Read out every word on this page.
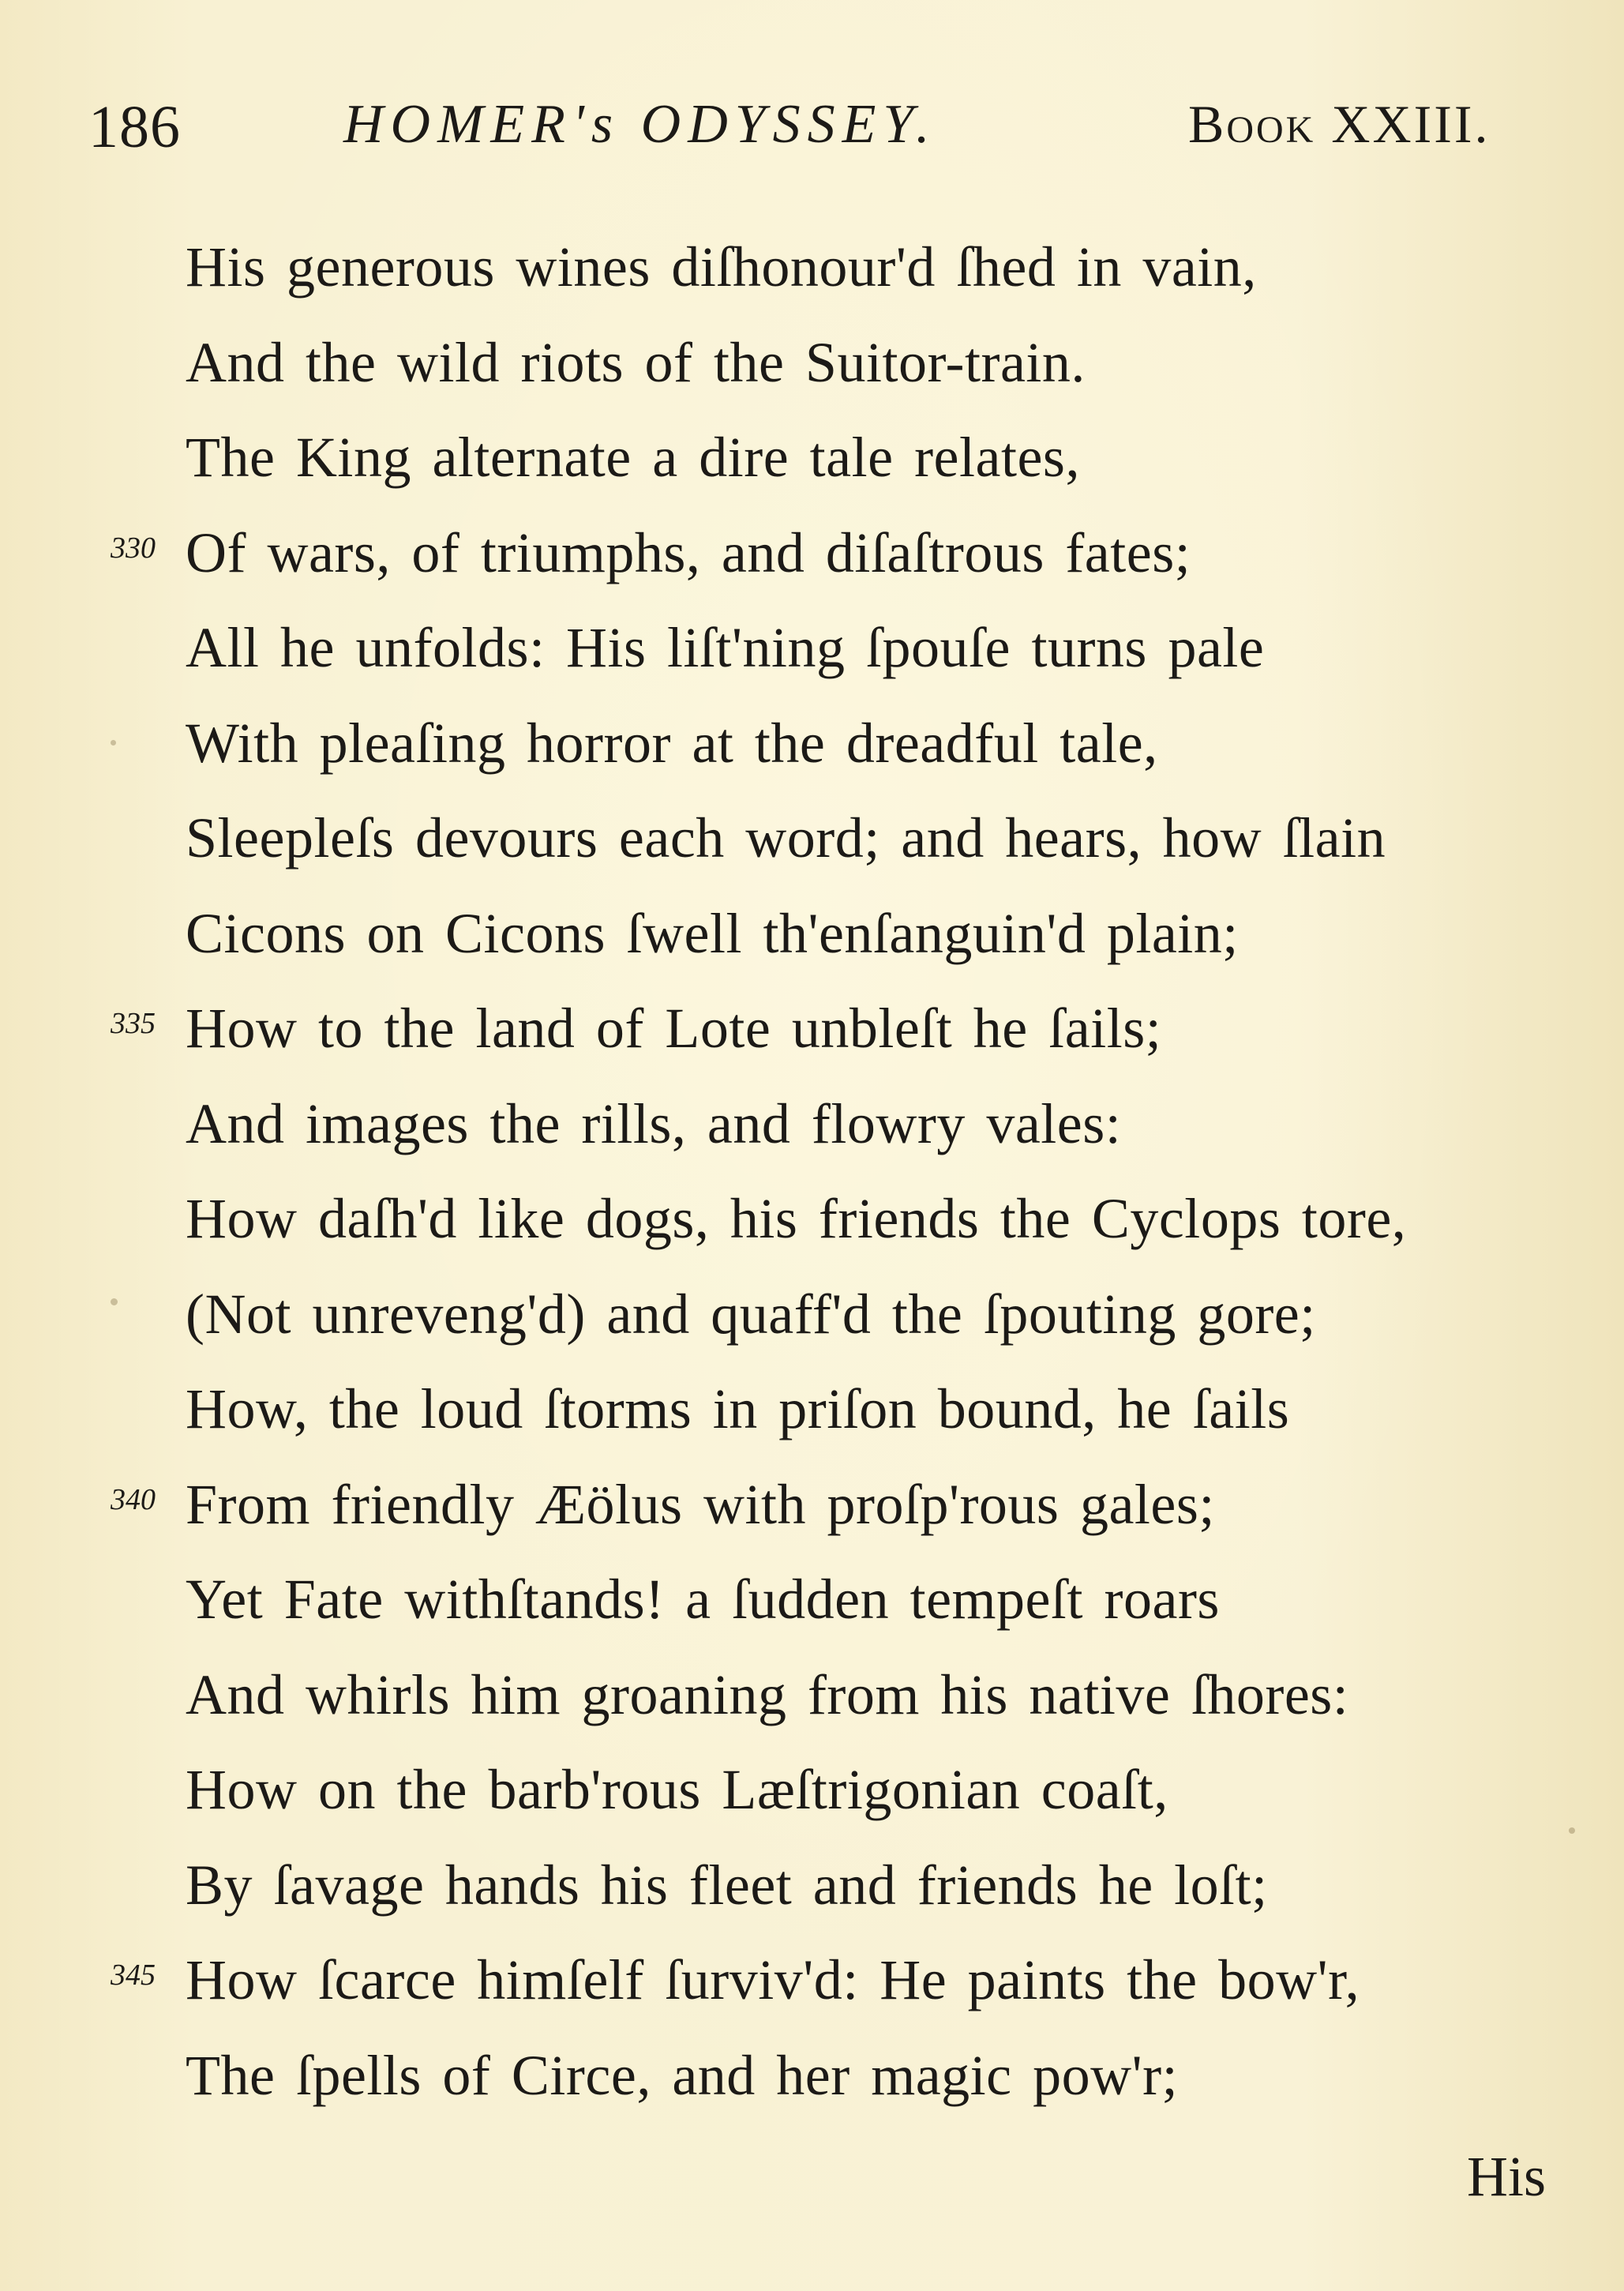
186	HOMER's ODYSSEY.	Book XXIII.
His generous wines diſhonour'd ſhed in vain,
And the wild riots of the Suitor-train.
The King alternate a dire tale relates,
330 Of wars, of triumphs, and diſaſtrous fates;
All he unfolds: His liſt'ning ſpouſe turns pale
With pleaſing horror at the dreadful tale,
Sleepleſs devours each word; and hears, how ſlain
Cicons on Cicons ſwell th'enſanguin'd plain;
335 How to the land of Lote unbleſt he ſails;
And images the rills, and flowry vales:
How daſh'd like dogs, his friends the Cyclops tore,
(Not unreveng'd) and quaff'd the ſpouting gore;
How, the loud ſtorms in priſon bound, he ſails
340 From friendly Æölus with proſp'rous gales;
Yet Fate withſtands! a ſudden tempeſt roars
And whirls him groaning from his native ſhores:
How on the barb'rous Læſtrigonian coaſt,
By ſavage hands his fleet and friends he loſt;
345 How ſcarce himſelf ſurviv'd: He paints the bow'r,
The ſpells of Circe, and her magic pow'r;
His
